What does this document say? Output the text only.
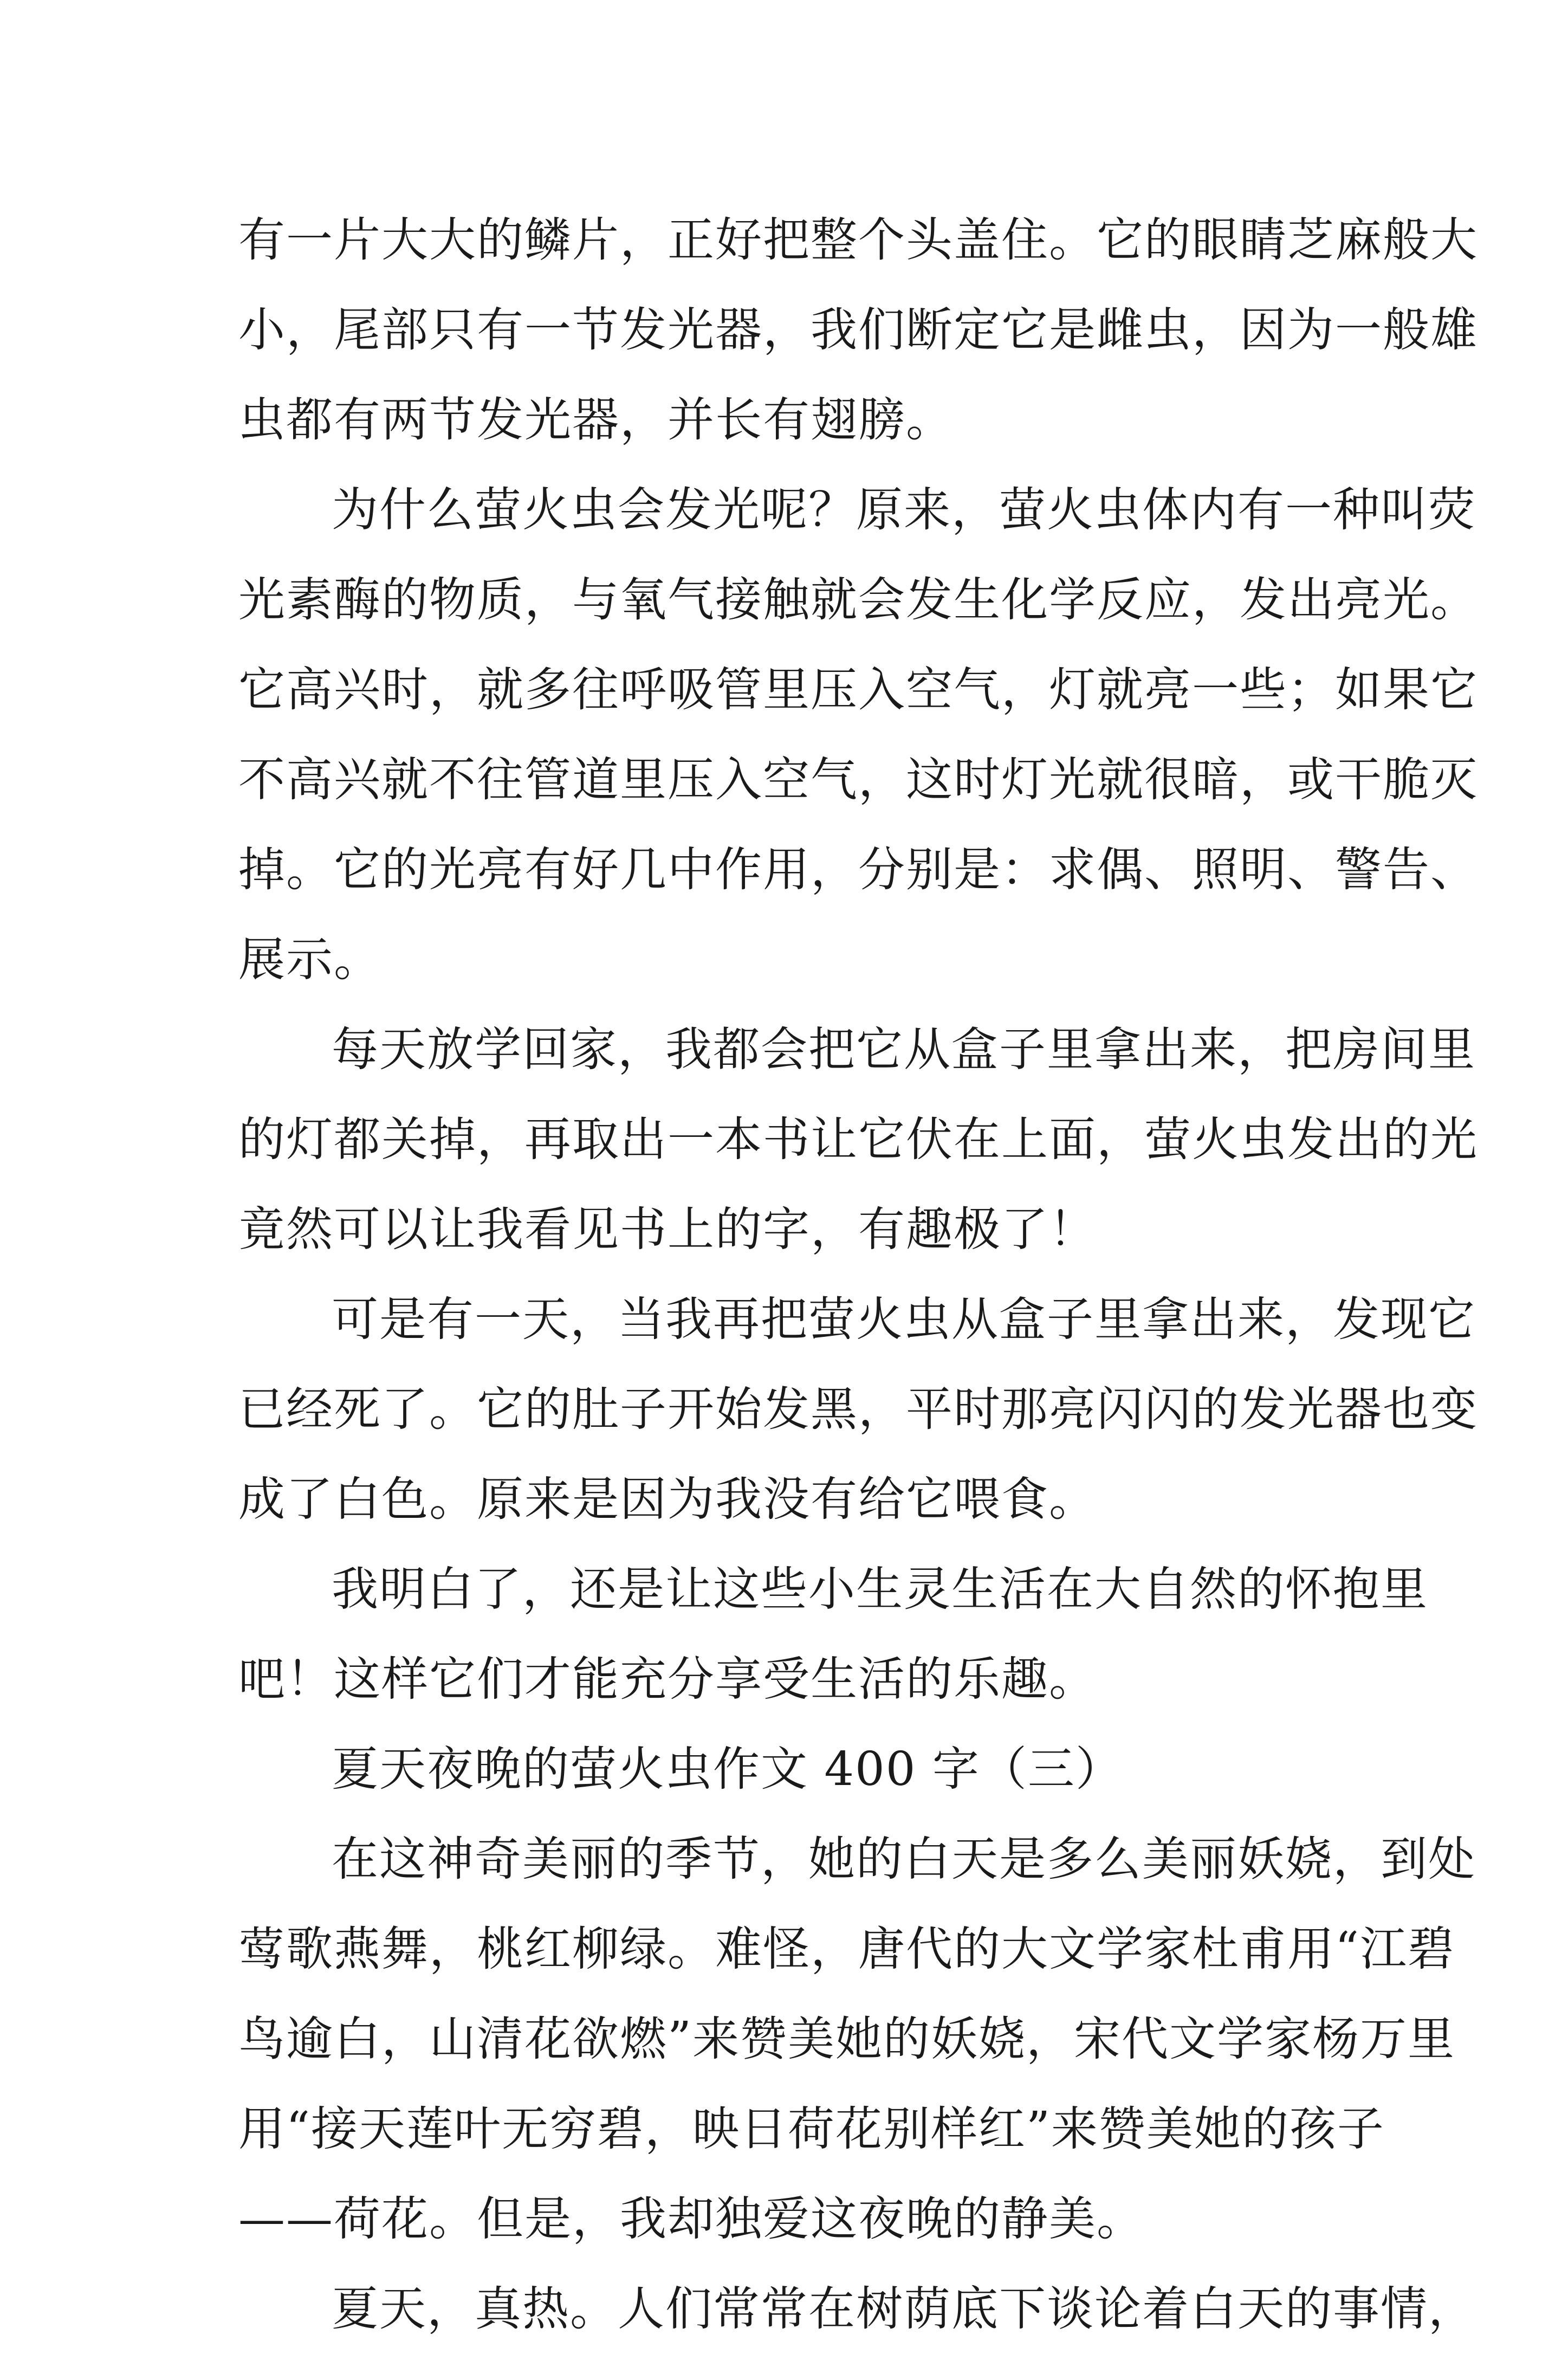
有一片大大的鳞片，正好把整个头盖住。它的眼睛芝麻般大
小，尾部只有一节发光器，我们断定它是雌虫，因为一般雄
虫都有两节发光器，并长有翅膀。
为什么萤火虫会发光呢？原来，萤火虫体内有一种叫荧
光素酶的物质，与氧气接触就会发生化学反应，发出亮光。
它高兴时，就多往呼吸管里压入空气，灯就亮一些；如果它
不高兴就不往管道里压入空气，这时灯光就很暗，或干脆灭
掉。它的光亮有好几中作用，分别是：求偶、照明、警告、
展示。
每天放学回家，我都会把它从盒子里拿出来，把房间里
的灯都关掉，再取出一本书让它伏在上面，萤火虫发出的光
竟然可以让我看见书上的字，有趣极了！
可是有一天，当我再把萤火虫从盒子里拿出来，发现它
已经死了。它的肚子开始发黑，平时那亮闪闪的发光器也变
成了白色。原来是因为我没有给它喂食。
我明白了，还是让这些小生灵生活在大自然的怀抱里
吧！这样它们才能充分享受生活的乐趣。
夏天夜晚的萤火虫作文 400 字（三）
在这神奇美丽的季节，她的白天是多么美丽妖娆，到处
莺歌燕舞，桃红柳绿。难怪，唐代的大文学家杜甫用“江碧
鸟逾白，山清花欲燃”来赞美她的妖娆，宋代文学家杨万里
用“接天莲叶无穷碧，映日荷花别样红”来赞美她的孩子
——荷花。但是，我却独爱这夜晚的静美。
夏天，真热。人们常常在树荫底下谈论着白天的事情，
